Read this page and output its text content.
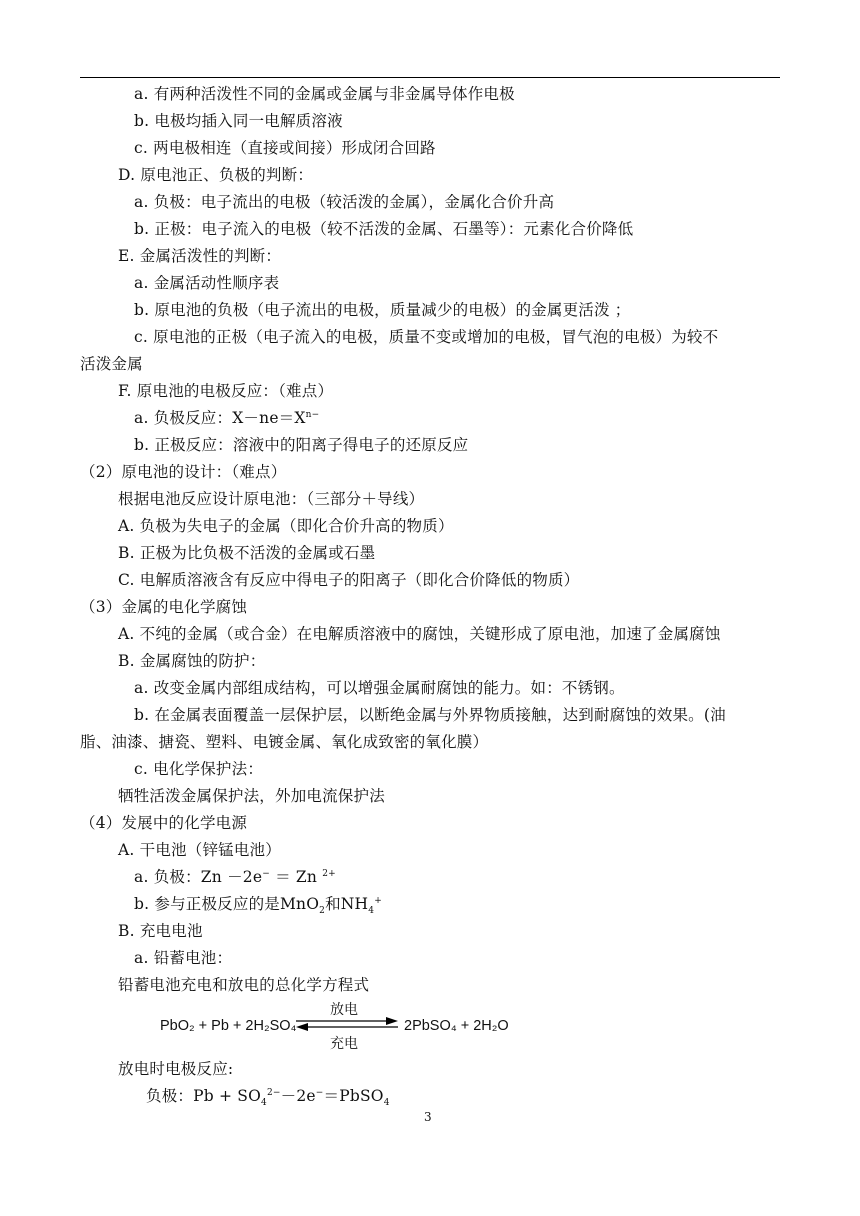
a. 有两种活泼性不同的金属或金属与非金属导体作电极
b. 电极均插入同一电解质溶液
c. 两电极相连（直接或间接）形成闭合回路
D. 原电池正、负极的判断：
a. 负极：电子流出的电极（较活泼的金属），金属化合价升高
b. 正极：电子流入的电极（较不活泼的金属、石墨等）：元素化合价降低
E. 金属活泼性的判断：
a. 金属活动性顺序表
b. 原电池的负极（电子流出的电极，质量减少的电极）的金属更活泼 ；
c. 原电池的正极（电子流入的电极，质量不变或增加的电极，冒气泡的电极）为较不
活泼金属
F. 原电池的电极反应：（难点）
a. 负极反应：$X-ne=X^{n-}$
b. 正极反应：溶液中的阳离子得电子的还原反应
（2）原电池的设计：（难点）
根据电池反应设计原电池：（三部分＋导线）
A. 负极为失电子的金属（即化合价升高的物质）
B. 正极为比负极不活泼的金属或石墨
C. 电解质溶液含有反应中得电子的阳离子（即化合价降低的物质）
（3）金属的电化学腐蚀
A. 不纯的金属（或合金）在电解质溶液中的腐蚀，关键形成了原电池，加速了金属腐蚀
B. 金属腐蚀的防护：
a. 改变金属内部组成结构，可以增强金属耐腐蚀的能力。如：不锈钢。
b. 在金属表面覆盖一层保护层，以断绝金属与外界物质接触，达到耐腐蚀的效果。(油
脂、油漆、搪瓷、塑料、电镀金属、氧化成致密的氧化膜）
c. 电化学保护法：
牺牲活泼金属保护法，外加电流保护法
（4）发展中的化学电源
A. 干电池（锌锰电池）
a. 负极：Zn －2e− ＝ Zn $^{2+}$
b. 参与正极反应的是MnO$_2$和$NH_4^+$
B. 充电电池
a. 铅蓄电池：
铅蓄电池充电和放电的总化学方程式
PbO₂ + Pb + 2H₂SO₄
放电
充电
2PbSO₄ + 2H₂O
放电时电极反应:
负极：$Pb + SO_4^{2-}-2e^-=PbSO_4$
3
